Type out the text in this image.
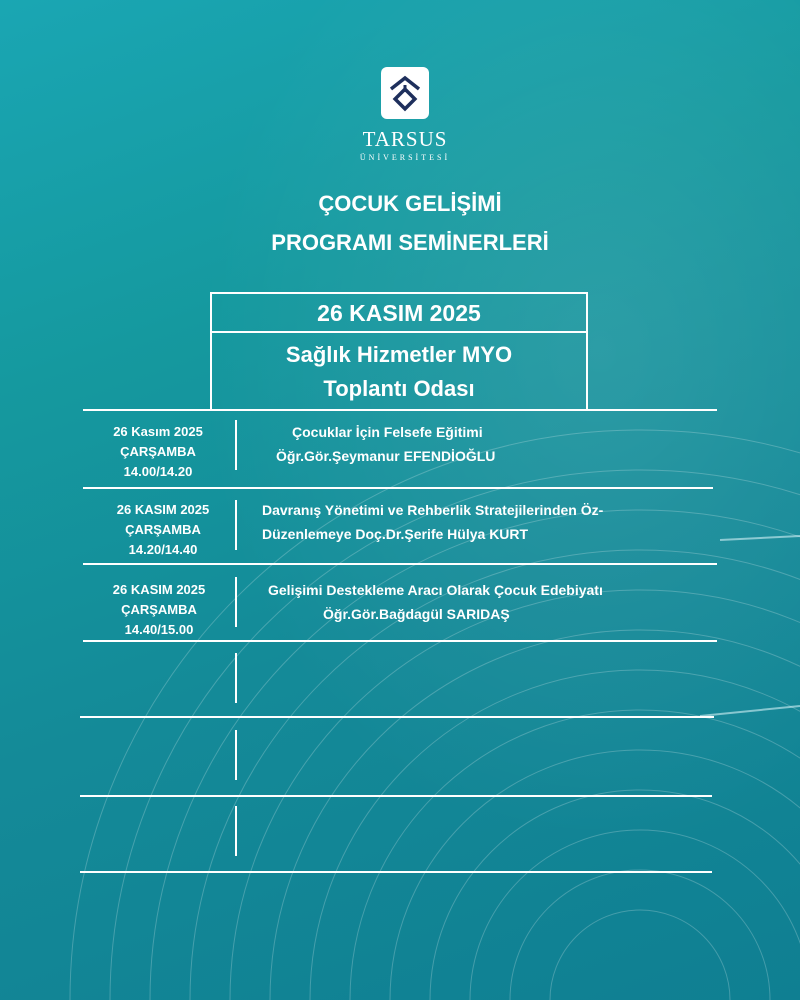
TARSUS
ÜNİVERSİTESİ
ÇOCUK GELİŞİMİ
PROGRAMI SEMİNERLERİ
26 KASIM 2025
Sağlık Hizmetler MYO
Toplantı Odası
26 Kasım 2025
ÇARŞAMBA
14.00/14.20
Çocuklar İçin Felsefe Eğitimi
Öğr.Gör.Şeymanur EFENDİOĞLU
26 KASIM 2025
ÇARŞAMBA
14.20/14.40
Davranış Yönetimi ve Rehberlik Stratejilerinden Öz-
Düzenlemeye Doç.Dr.Şerife Hülya KURT
26 KASIM 2025
ÇARŞAMBA
14.40/15.00
Gelişimi Destekleme Aracı Olarak Çocuk Edebiyatı
Öğr.Gör.Bağdagül SARIDAŞ
